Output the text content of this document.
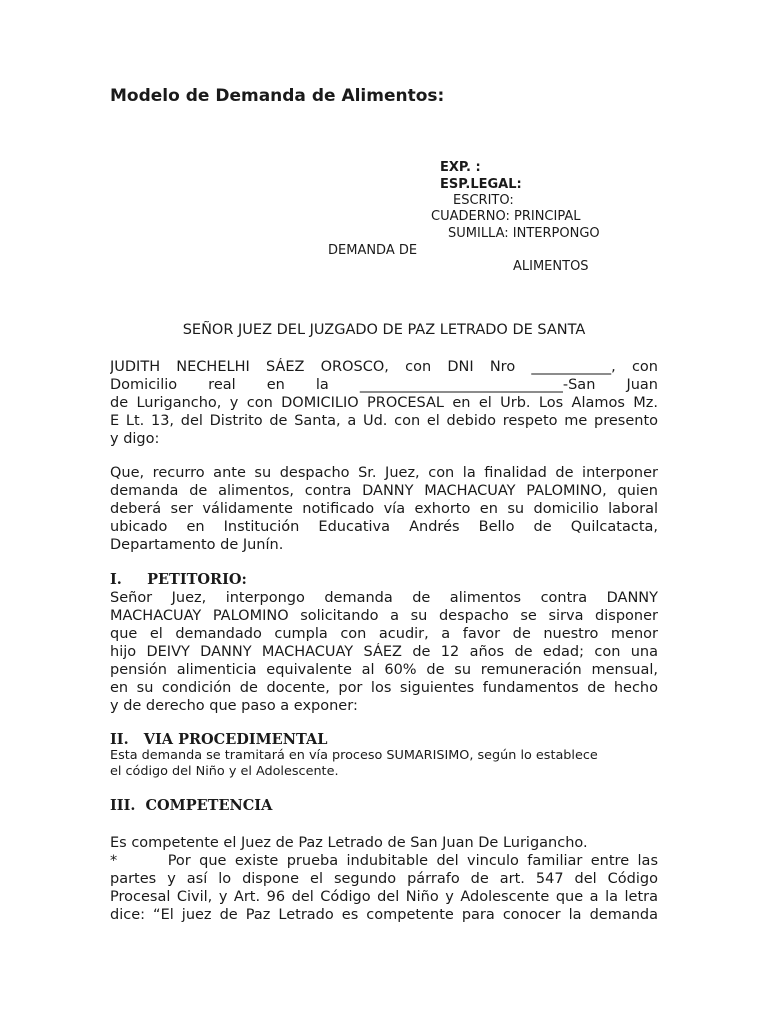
Modelo de Demanda de Alimentos:

EXP. :

ESP.LEGAL:

ESCRITO:

CUADERNO: PRINCIPAL

SUMILLA: INTERPONGO

DEMANDA DE

ALIMENTOS

SEÑOR JUEZ DEL JUZGADO DE PAZ LETRADO DE SANTA

JUDITH NECHELHI SÁEZ OROSCO, con DNI Nro ___________, con
Domicilio real en la ____________________________-San Juan
de Lurigancho, y con DOMICILIO PROCESAL en el Urb. Los Alamos Mz.
E Lt. 13, del Distrito de Santa, a Ud. con el debido respeto me presento
y digo:

Que, recurro ante su despacho Sr. Juez, con la finalidad de interponer
demanda de alimentos, contra DANNY MACHACUAY PALOMINO, quien
deberá ser válidamente notificado vía exhorto en su domicilio laboral
ubicado en Institución Educativa Andrés Bello de Quilcatacta,
Departamento de Junín.

I.     PETITORIO:

Señor Juez, interpongo demanda de alimentos contra DANNY
MACHACUAY PALOMINO solicitando a su despacho se sirva disponer
que el demandado cumpla con acudir, a favor de nuestro menor
hijo DEIVY DANNY MACHACUAY SÁEZ de 12 años de edad; con una
pensión alimenticia equivalente al 60% de su remuneración mensual,
en su condición de docente, por los siguientes fundamentos de hecho
y de derecho que paso a exponer:

II.   VIA PROCEDIMENTAL

Esta demanda se tramitará en vía proceso SUMARISIMO, según lo establece
el código del Niño y el Adolescente.

III.  COMPETENCIA

Es competente el Juez de Paz Letrado de San Juan De Lurigancho.

*      Por que existe prueba indubitable del vinculo familiar entre las
partes y así lo dispone el segundo párrafo de art. 547 del Código
Procesal Civil, y Art. 96 del Código del Niño y Adolescente que a la letra
dice: “El juez de Paz Letrado es competente para conocer la demanda
